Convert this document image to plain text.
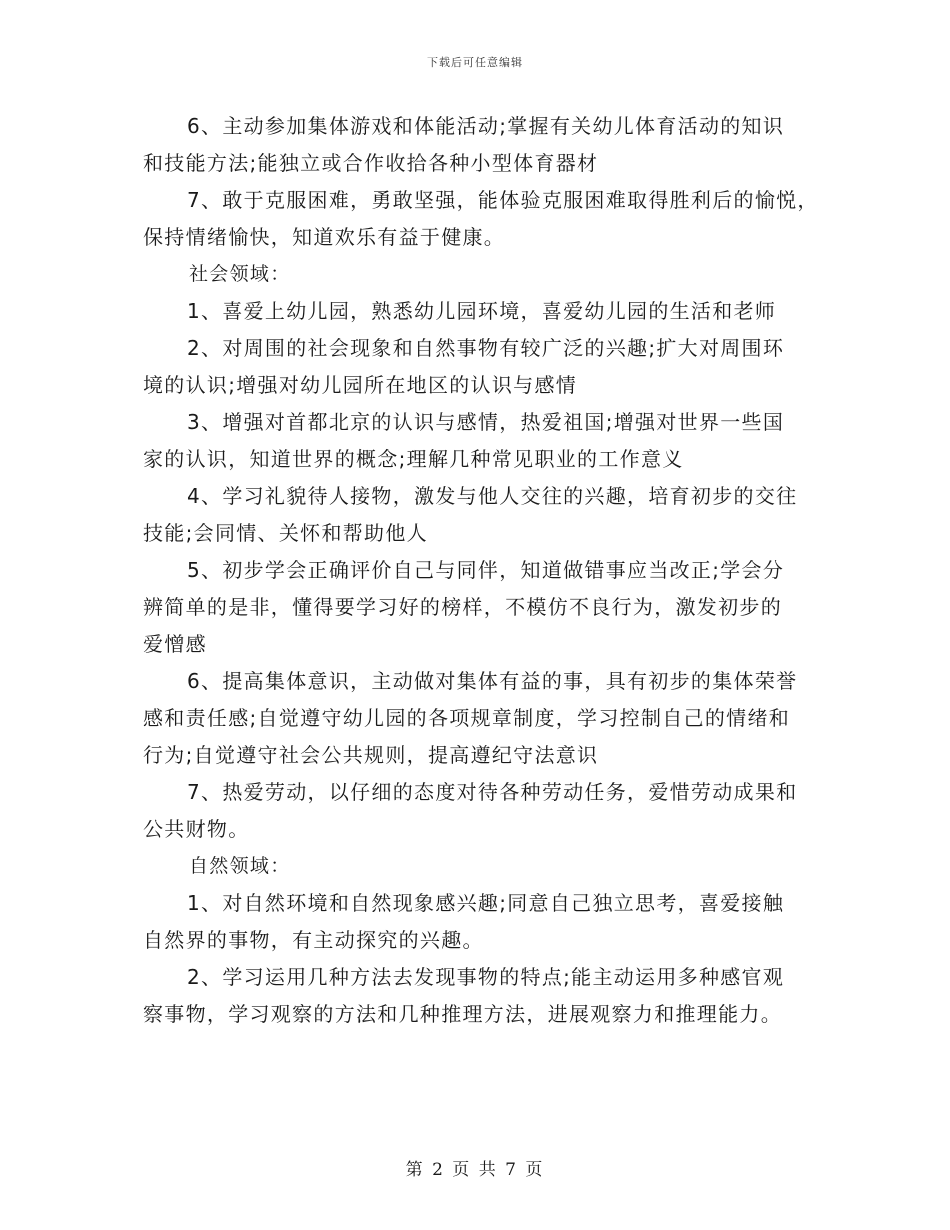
下载后可任意编辑

6、主动参加集体游戏和体能活动;掌握有关幼儿体育活动的知识
和技能方法;能独立或合作收拾各种小型体育器材
7、敢于克服困难，勇敢坚强，能体验克服困难取得胜利后的愉悦，
保持情绪愉快，知道欢乐有益于健康。
社会领域：
1、喜爱上幼儿园，熟悉幼儿园环境，喜爱幼儿园的生活和老师
2、对周围的社会现象和自然事物有较广泛的兴趣;扩大对周围环
境的认识;增强对幼儿园所在地区的认识与感情
3、增强对首都北京的认识与感情，热爱祖国;增强对世界一些国
家的认识，知道世界的概念;理解几种常见职业的工作意义
4、学习礼貌待人接物，激发与他人交往的兴趣，培育初步的交往
技能;会同情、关怀和帮助他人
5、初步学会正确评价自己与同伴，知道做错事应当改正;学会分
辨简单的是非，懂得要学习好的榜样，不模仿不良行为，激发初步的
爱憎感
6、提高集体意识，主动做对集体有益的事，具有初步的集体荣誉
感和责任感;自觉遵守幼儿园的各项规章制度，学习控制自己的情绪和
行为;自觉遵守社会公共规则，提高遵纪守法意识
7、热爱劳动，以仔细的态度对待各种劳动任务，爱惜劳动成果和
公共财物。
自然领域：
1、对自然环境和自然现象感兴趣;同意自己独立思考，喜爱接触
自然界的事物，有主动探究的兴趣。
2、学习运用几种方法去发现事物的特点;能主动运用多种感官观
察事物，学习观察的方法和几种推理方法，进展观察力和推理能力。

第 2 页 共 7 页
